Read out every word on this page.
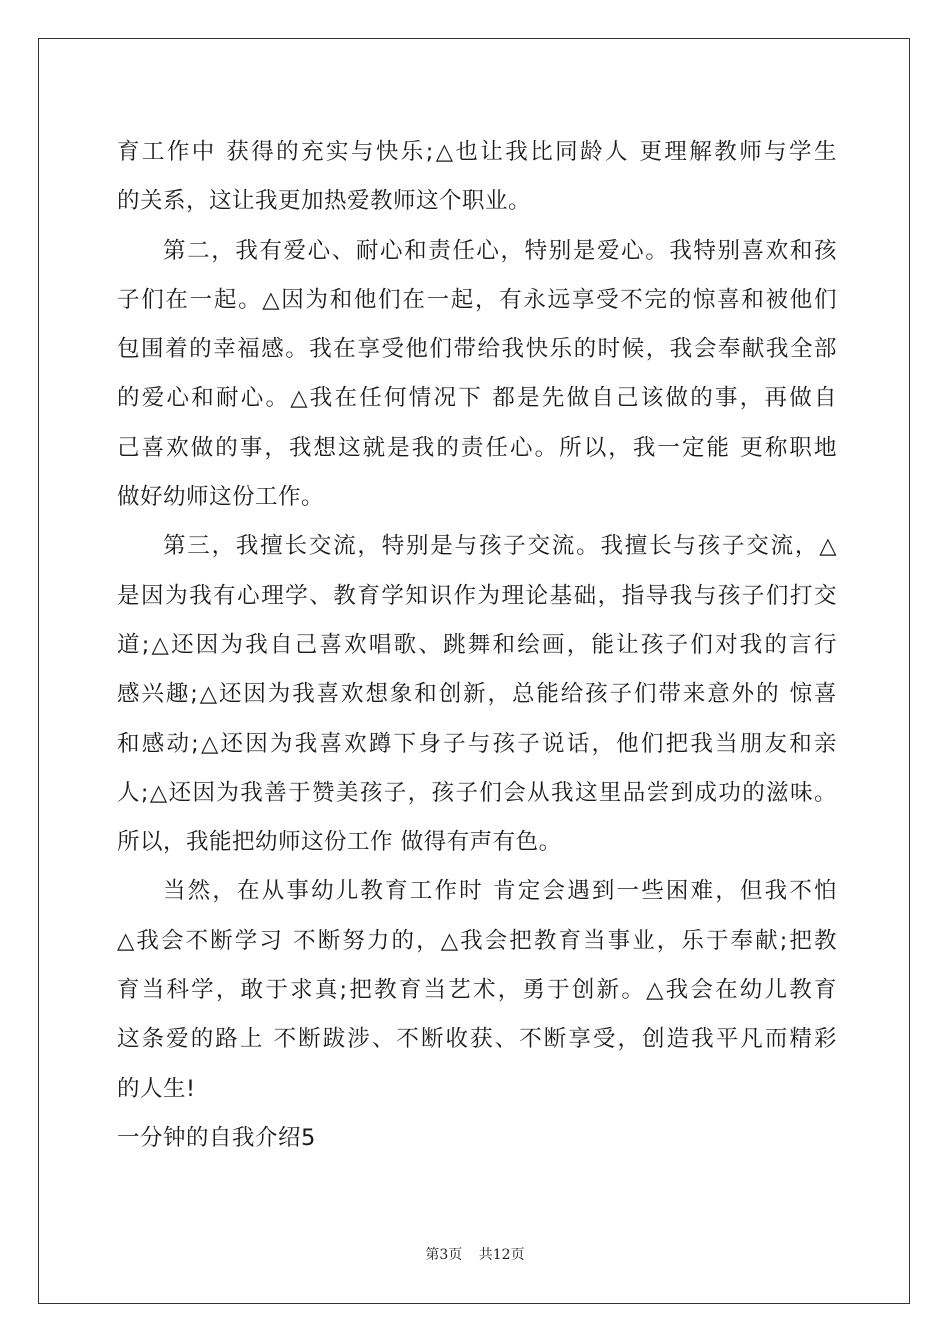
育工作中 获得的充实与快乐;△也让我比同龄人 更理解教师与学生
的关系，这让我更加热爱教师这个职业。
第二，我有爱心、耐心和责任心，特别是爱心。我特别喜欢和孩
子们在一起。△因为和他们在一起，有永远享受不完的惊喜和被他们
包围着的幸福感。我在享受他们带给我快乐的时候，我会奉献我全部
的爱心和耐心。△我在任何情况下 都是先做自己该做的事，再做自
己喜欢做的事，我想这就是我的责任心。所以，我一定能 更称职地
做好幼师这份工作。
第三，我擅长交流，特别是与孩子交流。我擅长与孩子交流，△
是因为我有心理学、教育学知识作为理论基础，指导我与孩子们打交
道;△还因为我自己喜欢唱歌、跳舞和绘画，能让孩子们对我的言行
感兴趣;△还因为我喜欢想象和创新，总能给孩子们带来意外的 惊喜
和感动;△还因为我喜欢蹲下身子与孩子说话，他们把我当朋友和亲
人;△还因为我善于赞美孩子，孩子们会从我这里品尝到成功的滋味。
所以，我能把幼师这份工作 做得有声有色。
当然，在从事幼儿教育工作时 肯定会遇到一些困难，但我不怕
△我会不断学习 不断努力的，△我会把教育当事业，乐于奉献;把教
育当科学，敢于求真;把教育当艺术，勇于创新。△我会在幼儿教育
这条爱的路上 不断跋涉、不断收获、不断享受，创造我平凡而精彩
的人生!
一分钟的自我介绍5
第3页 共12页
